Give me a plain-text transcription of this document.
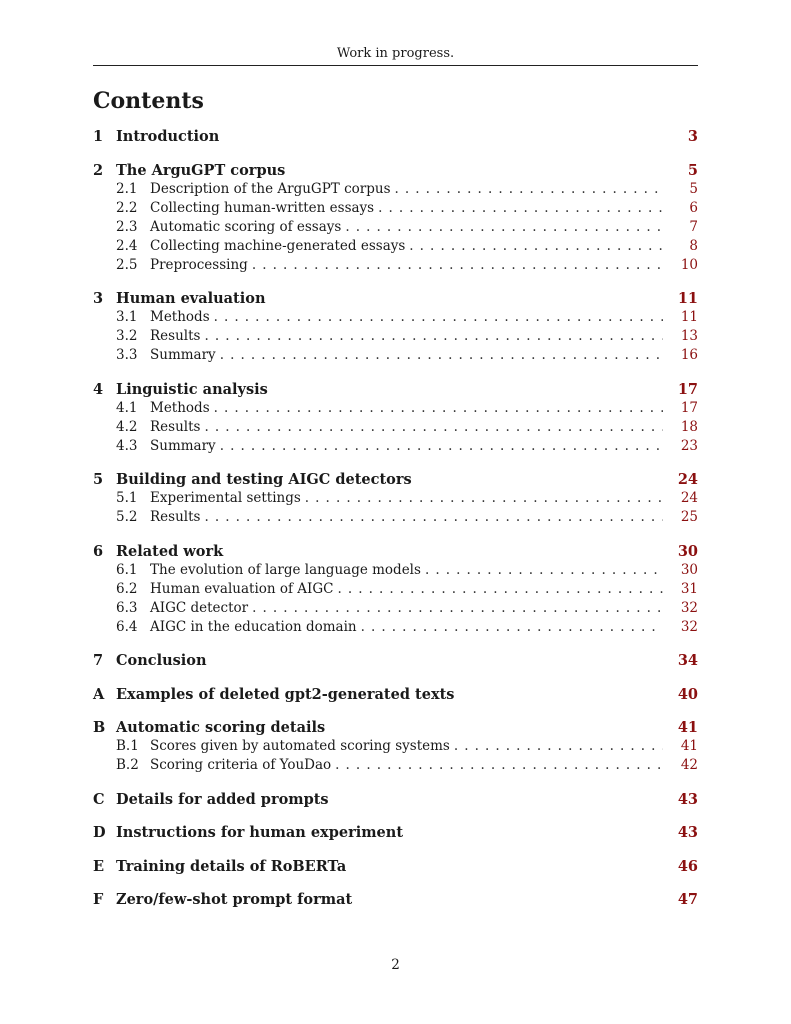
Work in progress.
Contents
1 Introduction	3
2 The ArguGPT corpus	5
2.1 Description of the ArguGPT corpus . . .	5
2.2 Collecting human-written essays . . .	6
2.3 Automatic scoring of essays . . .	7
2.4 Collecting machine-generated essays . . .	8
2.5 Preprocessing . . .	10
3 Human evaluation	11
3.1 Methods . . .	11
3.2 Results . . .	13
3.3 Summary . . .	16
4 Linguistic analysis	17
4.1 Methods . . .	17
4.2 Results . . .	18
4.3 Summary . . .	23
5 Building and testing AIGC detectors	24
5.1 Experimental settings . . .	24
5.2 Results . . .	25
6 Related work	30
6.1 The evolution of large language models . . .	30
6.2 Human evaluation of AIGC . . .	31
6.3 AIGC detector . . .	32
6.4 AIGC in the education domain . . .	32
7 Conclusion	34
A Examples of deleted gpt2-generated texts	40
B Automatic scoring details	41
B.1 Scores given by automated scoring systems . . .	41
B.2 Scoring criteria of YouDao . . .	42
C Details for added prompts	43
D Instructions for human experiment	43
E Training details of RoBERTa	46
F Zero/few-shot prompt format	47
2
